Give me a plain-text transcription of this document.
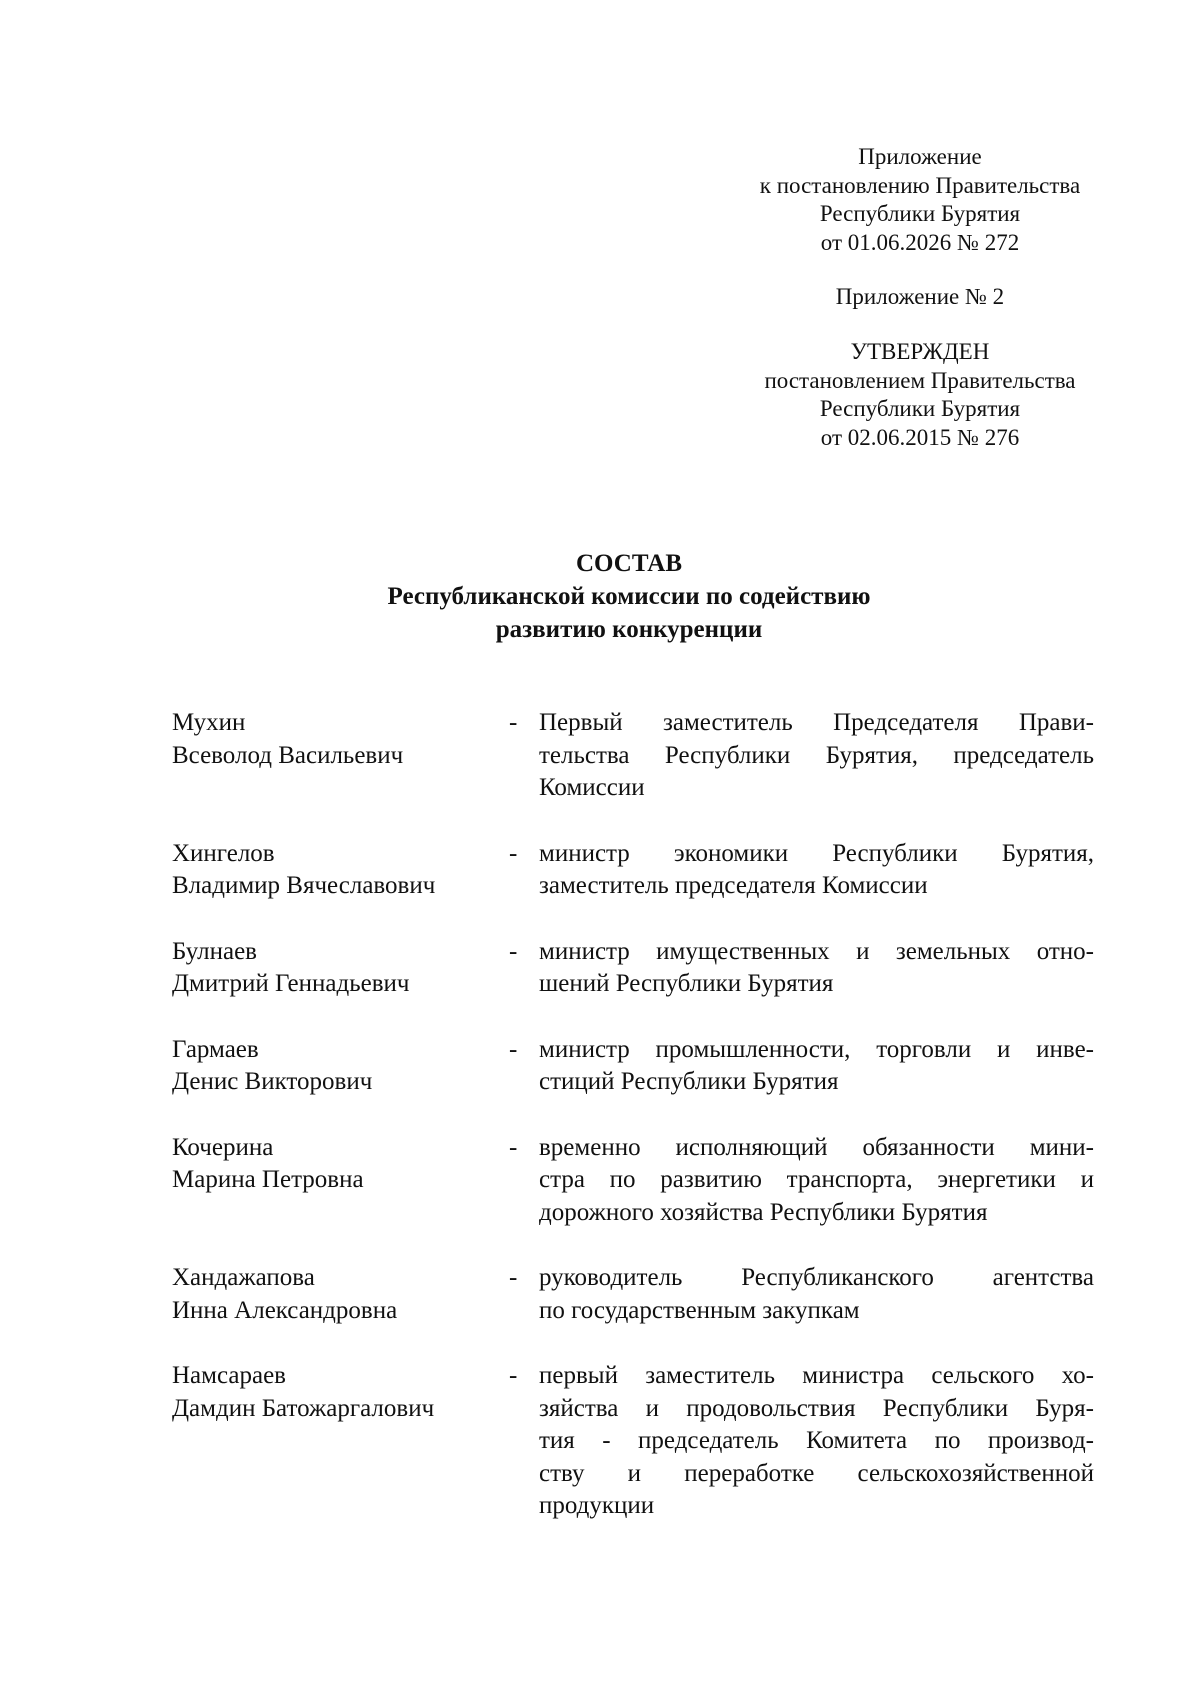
Приложение
к постановлению Правительства
Республики Бурятия
от 01.06.2026 № 272
Приложение № 2
УТВЕРЖДЕН
постановлением Правительства
Республики Бурятия
от 02.06.2015 № 276
СОСТАВ
Республиканской комиссии по содействию
развитию конкуренции
Мухин
Всеволод Васильевич
- Первый заместитель Председателя Прави-
тельства Республики Бурятия, председатель
Комиссии
Хингелов
Владимир Вячеславович
- министр экономики Республики Бурятия,
заместитель председателя Комиссии
Булнаев
Дмитрий Геннадьевич
- министр имущественных и земельных отно-
шений Республики Бурятия
Гармаев
Денис Викторович
- министр промышленности, торговли и инве-
стиций Республики Бурятия
Кочерина
Марина Петровна
- временно исполняющий обязанности мини-
стра по развитию транспорта, энергетики и
дорожного хозяйства Республики Бурятия
Хандажапова
Инна Александровна
- руководитель Республиканского агентства
по государственным закупкам
Намсараев
Дамдин Батожаргалович
- первый заместитель министра сельского хо-
зяйства и продовольствия Республики Буря-
тия - председатель Комитета по производ-
ству и переработке сельскохозяйственной
продукции
